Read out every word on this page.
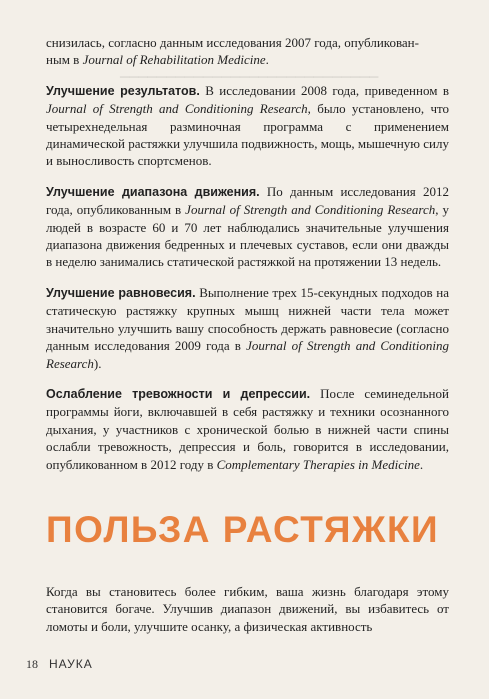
▁▁▁▁▁▁▁▁▁▁▁▁▁▁▁▁▁▁▁▁▁▁▁▁▁▁▁▁

снизилась, согласно данным исследования 2007 года, опубликован-
ным в Journal of Rehabilitation Medicine.

Улучшение результатов. В исследовании 2008 года, приведенном в Journal of Strength and Conditioning Research, было установлено, что четырехнедельная разминочная программа с применением динамической растяжки улучшила подвижность, мощь, мышечную силу и выносливость спортсменов.

Улучшение диапазона движения. По данным исследования 2012 года, опубликованным в Journal of Strength and Conditioning Research, у людей в возрасте 60 и 70 лет наблюдались значительные улучшения диапазона движения бедренных и плечевых суставов, если они дважды в неделю занимались статической растяжкой на протяжении 13 недель.

Улучшение равновесия. Выполнение трех 15-секундных подходов на статическую растяжку крупных мышц нижней части тела может значительно улучшить вашу способность держать равновесие (согласно данным исследования 2009 года в Journal of Strength and Conditioning Research).

Ослабление тревожности и депрессии. После семинедельной программы йоги, включавшей в себя растяжку и техники осознанного дыхания, у участников с хронической болью в нижней части спины ослабли тревожность, депрессия и боль, говорится в исследовании, опубликованном в 2012 году в Complementary Therapies in Medicine.

ПОЛЬЗА РАСТЯЖКИ

Когда вы становитесь более гибким, ваша жизнь благодаря этому становится богаче. Улучшив диапазон движений, вы избавитесь от ломоты и боли, улучшите осанку, а физическая активность

18 НАУКА
